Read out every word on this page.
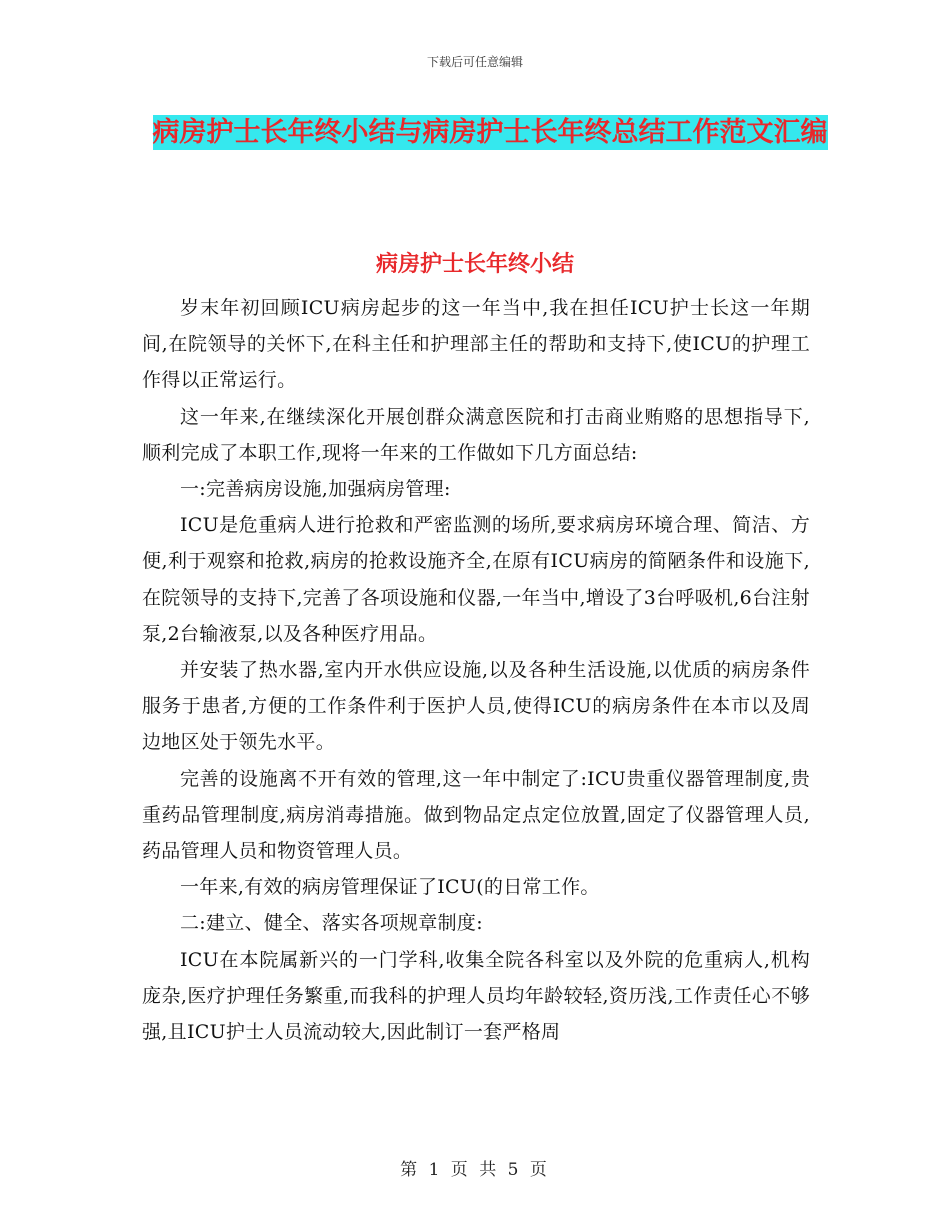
下载后可任意编辑
病房护士长年终小结与病房护士长年终总结工作范文汇编
病房护士长年终小结

岁末年初回顾ICU病房起步的这一年当中,我在担任ICU护士长这一年期间,在院领导的关怀下,在科主任和护理部主任的帮助和支持下,使ICU的护理工作得以正常运行。

这一年来,在继续深化开展创群众满意医院和打击商业贿赂的思想指导下,顺利完成了本职工作,现将一年来的工作做如下几方面总结:

一:完善病房设施,加强病房管理:

ICU是危重病人进行抢救和严密监测的场所,要求病房环境合理、简洁、方便,利于观察和抢救,病房的抢救设施齐全,在原有ICU病房的简陋条件和设施下,在院领导的支持下,完善了各项设施和仪器,一年当中,增设了3台呼吸机,6台注射泵,2台输液泵,以及各种医疗用品。

并安装了热水器,室内开水供应设施,以及各种生活设施,以优质的病房条件服务于患者,方便的工作条件利于医护人员,使得ICU的病房条件在本市以及周边地区处于领先水平。

完善的设施离不开有效的管理,这一年中制定了:ICU贵重仪器管理制度,贵重药品管理制度,病房消毒措施。做到物品定点定位放置,固定了仪器管理人员,药品管理人员和物资管理人员。

一年来,有效的病房管理保证了ICU(的日常工作。

二:建立、健全、落实各项规章制度:

ICU在本院属新兴的一门学科,收集全院各科室以及外院的危重病人,机构庞杂,医疗护理任务繁重,而我科的护理人员均年龄较轻,资历浅,工作责任心不够强,且ICU护士人员流动较大,因此制订一套严格周

第 1 页 共 5 页
